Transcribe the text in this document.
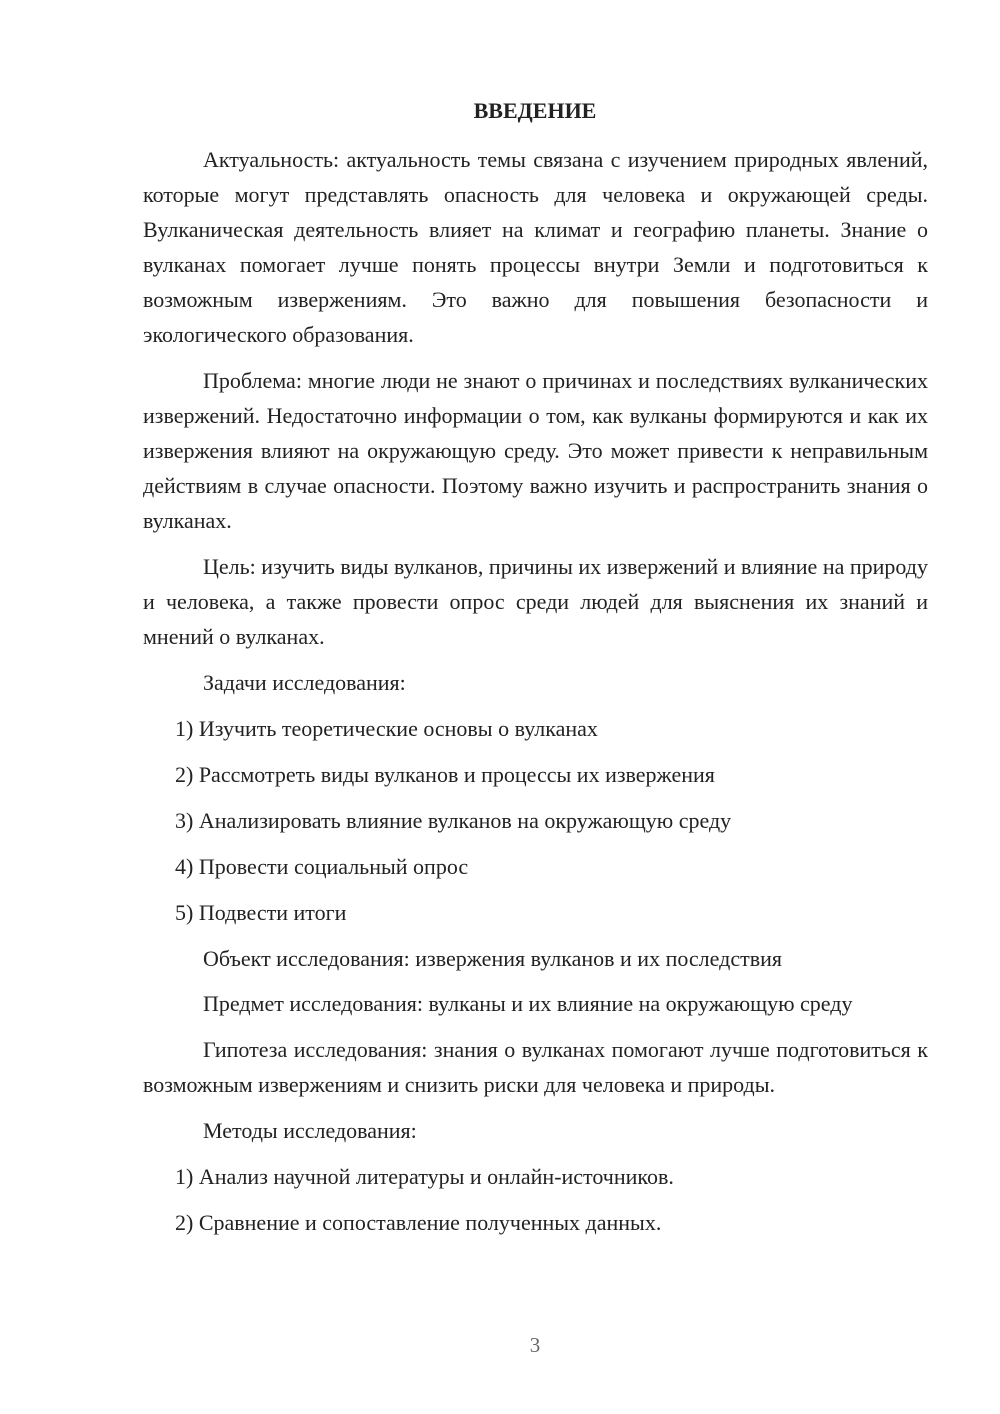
ВВЕДЕНИЕ

Актуальность: актуальность темы связана с изучением природных явлений, которые могут представлять опасность для человека и окружающей среды. Вулканическая деятельность влияет на климат и географию планеты. Знание о вулканах помогает лучше понять процессы внутри Земли и подготовиться к возможным извержениям. Это важно для повышения безопасности и экологического образования.

Проблема: многие люди не знают о причинах и последствиях вулканических извержений. Недостаточно информации о том, как вулканы формируются и как их извержения влияют на окружающую среду. Это может привести к неправильным действиям в случае опасности. Поэтому важно изучить и распространить знания о вулканах.

Цель: изучить виды вулканов, причины их извержений и влияние на природу и человека, а также провести опрос среди людей для выяснения их знаний и мнений о вулканах.

Задачи исследования:

1) Изучить теоретические основы о вулканах
2) Рассмотреть виды вулканов и процессы их извержения
3) Анализировать влияние вулканов на окружающую среду
4) Провести социальный опрос
5) Подвести итоги

Объект исследования: извержения вулканов и их последствия

Предмет исследования: вулканы и их влияние на окружающую среду

Гипотеза исследования: знания о вулканах помогают лучше подготовиться к возможным извержениям и снизить риски для человека и природы.

Методы исследования:

1) Анализ научной литературы и онлайн-источников.
2) Сравнение и сопоставление полученных данных.
3
